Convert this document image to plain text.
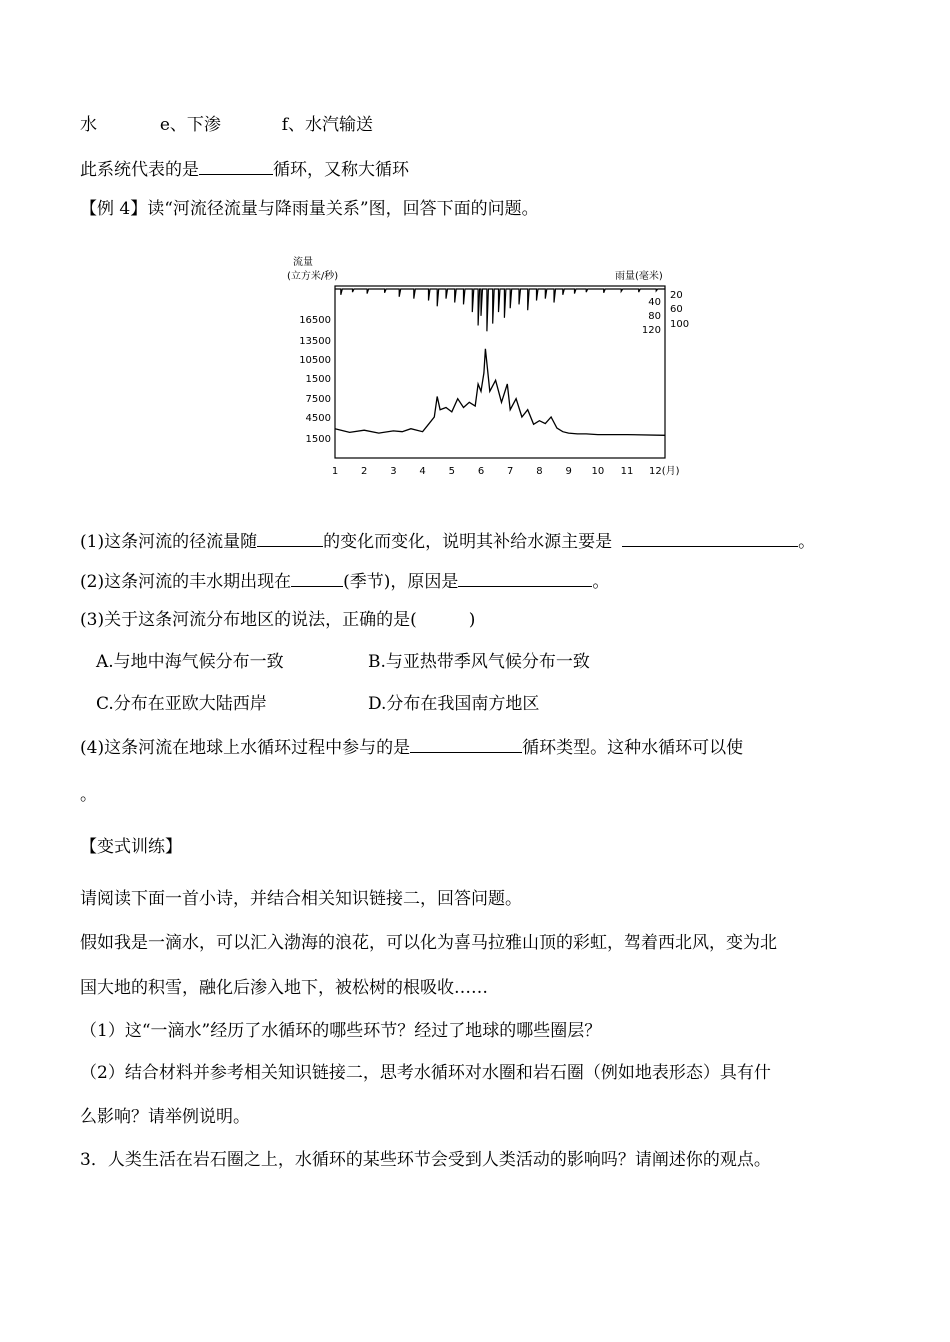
水	e、下渗	f、水汽输送
此系统代表的是	循环，又称大循环
【例 4】读“河流径流量与降雨量关系”图，回答下面的问题。
流量
(立方米/秒)	雨量(毫米)
16500
13500
10500
1500
7500
4500
1500
40
80
120
20
60
100
1 2 3 4 5 6 7 8 9 10 11 12(月)
(1)这条河流的径流量随	的变化而变化，说明其补给水源主要是	。
(2)这条河流的丰水期出现在	(季节)，原因是	。
(3)关于这条河流分布地区的说法，正确的是(	)
A.与地中海气候分布一致	B.与亚热带季风气候分布一致
C.分布在亚欧大陆西岸	D.分布在我国南方地区
(4)这条河流在地球上水循环过程中参与的是	循环类型。这种水循环可以使
。
【变式训练】
请阅读下面一首小诗，并结合相关知识链接二，回答问题。
假如我是一滴水，可以汇入渤海的浪花，可以化为喜马拉雅山顶的彩虹，驾着西北风，变为北
国大地的积雪，融化后渗入地下，被松树的根吸收……
（1）这“一滴水”经历了水循环的哪些环节？经过了地球的哪些圈层？
（2）结合材料并参考相关知识链接二，思考水循环对水圈和岩石圈（例如地表形态）具有什
么影响？请举例说明。
3．人类生活在岩石圈之上，水循环的某些环节会受到人类活动的影响吗？请阐述你的观点。
